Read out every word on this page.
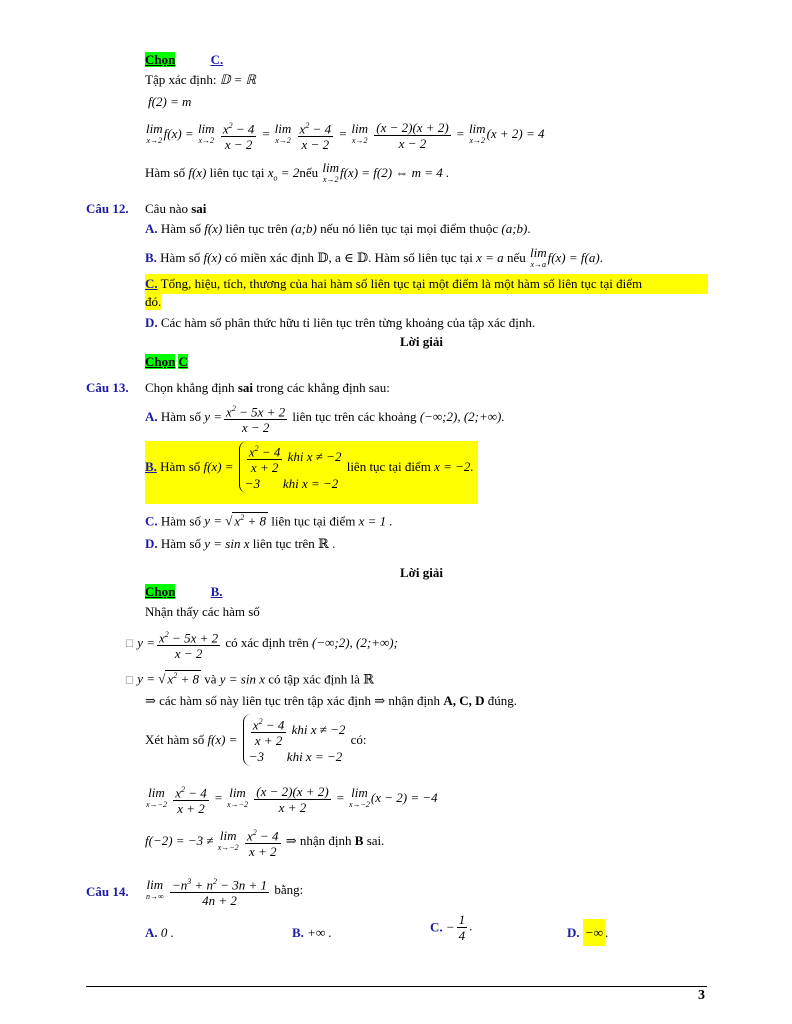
Chọn	C.
Tập xác định: 𝔻 = ℝ
f(2) = m
lim
x→2 f(x) = lim
x→2
$\frac{x^2 - 4}{x - 2} = \lim$
x→2
$\frac{x^2 - 4}{x - 2} = \lim$
x→2
$\frac{(x - 2)(x + 2)}{x - 2} = \lim$
x→2 (x + 2) = 4
Hàm số f(x) liên tục tại $x_o$ = 2nếu lim
x→2 f(x) = f(2) ⇔ m = 4 .
Câu 12. Câu nào sai
A. Hàm số f(x) liên tục trên (a;b) nếu nó liên tục tại mọi điểm thuộc (a;b).
B. Hàm số f(x) có miền xác định 𝔻, a ∈ 𝔻. Hàm số liên tục tại x = a nếu lim
x→a f(x) = f(a).
C. Tổng, hiệu, tích, thương của hai hàm số liên tục tại một điểm là một hàm số liên tục tại điểm
đó.
D. Các hàm số phân thức hữu tỉ liên tục trên từng khoảng của tập xác định.
Lời giải
Chọn C
Câu 13. Chọn khẳng định sai trong các khẳng định sau:
A. Hàm số $y = \frac{x^2 - 5x + 2}{x - 2}$ liên tục trên các khoảng (−∞;2), (2;+∞).
B. Hàm số $f(x) = \frac{x^2 - 4}{x + 2}$ khi x ≠ −2
−3       khi x = −2
liên tục tại điểm x = −2.
C. Hàm số y = √ $x^2 + 8$ liên tục tại điểm x = 1 .
D. Hàm số y = sin x liên tục trên ℝ .
Lời giải
Chọn	B.
Nhận thấy các hàm số
☐ $y = \frac{x^2 - 5x + 2}{x - 2}$ có xác định trên (−∞;2), (2;+∞);
☐ y = √ $x^2 + 8$ và y = sin x có tập xác định là ℝ
⇒ các hàm số này liên tục trên tập xác định ⇒ nhận định A, C, D đúng.
Xét hàm số $f(x) = \frac{x^2 - 4}{x + 2}$ khi x ≠ −2
−3       khi x = −2
có:
lim
x→−2
$\frac{x^2 - 4}{x + 2} = \lim$
x→−2
$\frac{(x - 2)(x + 2)}{x + 2} = \lim$
x→−2 (x − 2) = −4
f(−2) = −3 ≠ lim
x→−2
$\frac{x^2 - 4}{x + 2}$ ⇒ nhận định B sai.
Câu 14. lim
n→∞
$\frac{-n^3 + n^2 - 3n + 1}{4n + 2}$ bằng:
A. 0 .	B. +∞ .	C. − $\frac{1}{4}$ .	D. −∞ .
3
